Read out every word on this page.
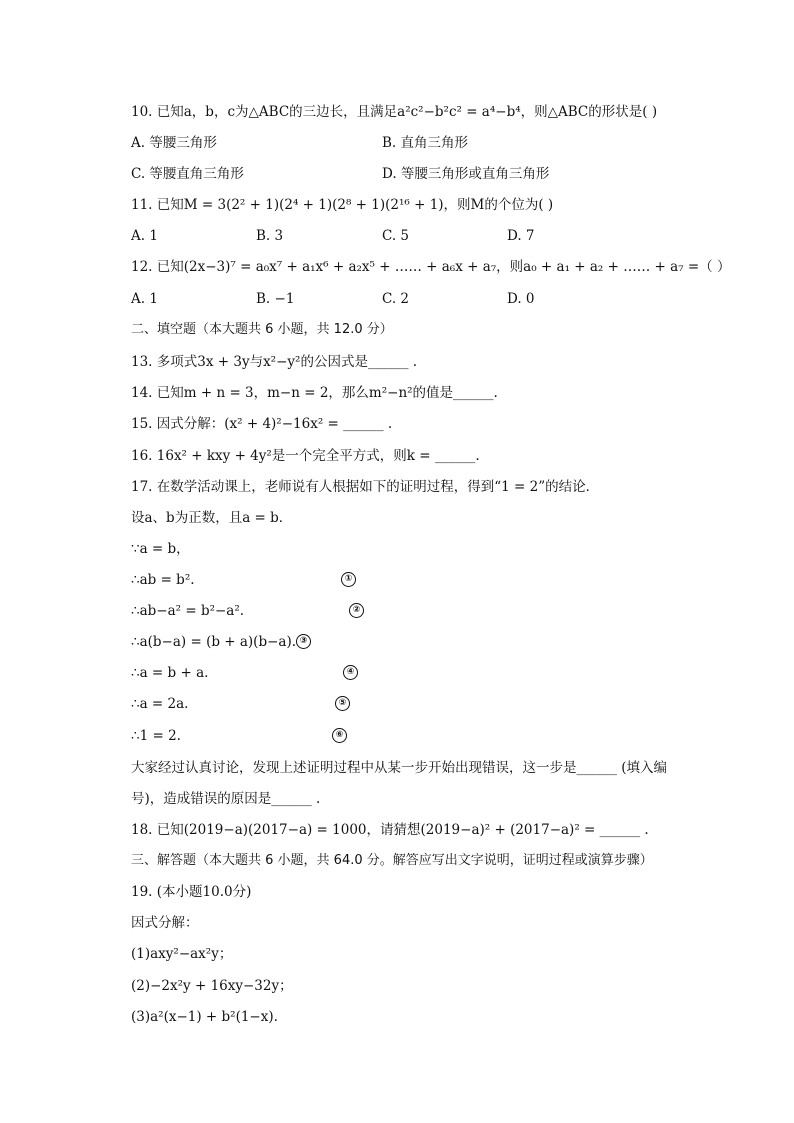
10. 已知a，b，c为△ABC的三边长，且满足a²c²−b²c² = a⁴−b⁴，则△ABC的形状是( )
A. 等腰三角形	B. 直角三角形
C. 等腰直角三角形	D. 等腰三角形或直角三角形
11. 已知M = 3(2² + 1)(2⁴ + 1)(2⁸ + 1)(2¹⁶ + 1)，则M的个位为( )
A. 1	B. 3	C. 5	D. 7
12. 已知(2x−3)⁷ = a₀x⁷ + a₁x⁶ + a₂x⁵ + …… + a₆x + a₇，则a₀ + a₁ + a₂ + …… + a₇ =（ ）
A. 1	B. −1	C. 2	D. 0
二、填空题（本大题共 6 小题，共 12.0 分）
13. 多项式3x + 3y与x²−y²的公因式是______ .
14. 已知m + n = 3，m−n = 2，那么m²−n²的值是______.
15. 因式分解：(x² + 4)²−16x² = ______ .
16. 16x² + kxy + 4y²是一个完全平方式，则k = ______.
17. 在数学活动课上，老师说有人根据如下的证明过程，得到“1 = 2”的结论．
设a、b为正数，且a = b．
∵a = b，
∴ab = b².	①
∴ab−a² = b²−a².	②
∴a(b−a) = (b + a)(b−a). ③
∴a = b + a.	④
∴a = 2a.	⑤
∴1 = 2.	⑥
大家经过认真讨论，发现上述证明过程中从某一步开始出现错误，这一步是______ (填入编
号)，造成错误的原因是______ .
18. 已知(2019−a)(2017−a) = 1000，请猜想(2019−a)² + (2017−a)² = ______ .
三、解答题（本大题共 6 小题，共 64.0 分。解答应写出文字说明，证明过程或演算步骤）
19. (本小题10.0分)
因式分解：
(1)axy²−ax²y；
(2)−2x²y + 16xy−32y；
(3)a²(x−1) + b²(1−x).
